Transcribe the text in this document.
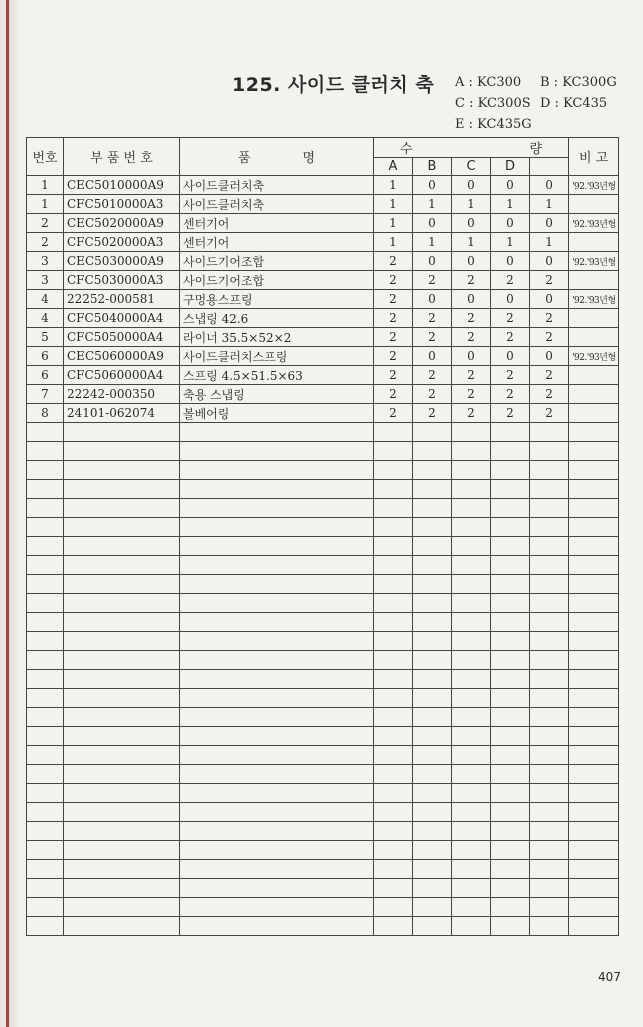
125. 사이드 클러치 축 A : KC300 B : KC300G
C : KC300S D : KC435
E : KC435G
번호	부 품 번 호	품　　　　명	수　　　　　　　　　량					비 고
			A	B	C	D		
1	CEC5010000A9	사이드클러치축	1	0	0	0	0	'92.'93년형
1	CFC5010000A3	사이드클러치축	1	1	1	1	1	
2	CEC5020000A9	센터기어	1	0	0	0	0	'92.'93년형
2	CFC5020000A3	센터기어	1	1	1	1	1	
3	CEC5030000A9	사이드기어조합	2	0	0	0	0	'92.'93년형
3	CFC5030000A3	사이드기어조합	2	2	2	2	2	
4	22252-000581	구멍용스프링	2	0	0	0	0	'92.'93년형
4	CFC5040000A4	스냅링 42.6	2	2	2	2	2	
5	CFC5050000A4	라이너 35.5×52×2	2	2	2	2	2	
6	CEC5060000A9	사이드클러치스프링	2	0	0	0	0	'92.'93년형
6	CFC5060000A4	스프링 4.5×51.5×63	2	2	2	2	2	
7	22242-000350	축용 스냅링	2	2	2	2	2	
8	24101-062074	볼베어링	2	2	2	2	2	

407
